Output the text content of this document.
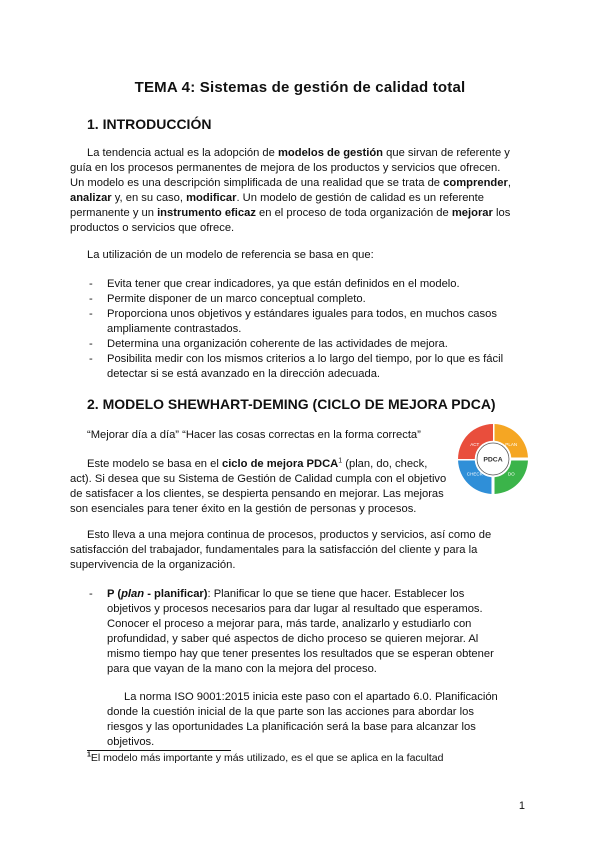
TEMA 4: Sistemas de gestión de calidad total
1. INTRODUCCIÓN
La tendencia actual es la adopción de modelos de gestión que sirvan de referente y guía en los procesos permanentes de mejora de los productos y servicios que ofrecen. Un modelo es una descripción simplificada de una realidad que se trata de comprender, analizar y, en su caso, modificar. Un modelo de gestión de calidad es un referente permanente y un instrumento eficaz en el proceso de toda organización de mejorar los productos o servicios que ofrece.
La utilización de un modelo de referencia se basa en que:
- Evita tener que crear indicadores, ya que están definidos en el modelo.
- Permite disponer de un marco conceptual completo.
- Proporciona unos objetivos y estándares iguales para todos, en muchos casos ampliamente contrastados.
- Determina una organización coherente de las actividades de mejora.
- Posibilita medir con los mismos criterios a lo largo del tiempo, por lo que es fácil detectar si se está avanzado en la dirección adecuada.
2. MODELO SHEWHART-DEMING (CICLO DE MEJORA PDCA)
“Mejorar día a día” “Hacer las cosas correctas en la forma correcta”
Este modelo se basa en el ciclo de mejora PDCA$^1$ (plan, do, check, act). Si desea que su Sistema de Gestión de Calidad cumpla con el objetivo de satisfacer a los clientes, se despierta pensando en mejorar. Las mejoras son esenciales para tener éxito en la gestión de personas y procesos.
PDCA
ACT	PLAN
CHECK	DO
Esto lleva a una mejora continua de procesos, productos y servicios, así como de satisfacción del trabajador, fundamentales para la satisfacción del cliente y para la supervivencia de la organización.
- P (plan - planificar): Planificar lo que se tiene que hacer. Establecer los objetivos y procesos necesarios para dar lugar al resultado que esperamos. Conocer el proceso a mejorar para, más tarde, analizarlo y estudiarlo con profundidad, y saber qué aspectos de dicho proceso se quieren mejorar. Al mismo tiempo hay que tener presentes los resultados que se esperan obtener para que vayan de la mano con la mejora del proceso.
La norma ISO 9001:2015 inicia este paso con el apartado 6.0. Planificación donde la cuestión inicial de la que parte son las acciones para abordar los riesgos y las oportunidades La planificación será la base para alcanzar los objetivos.
$^1$El modelo más importante y más utilizado, es el que se aplica en la facultad
1
